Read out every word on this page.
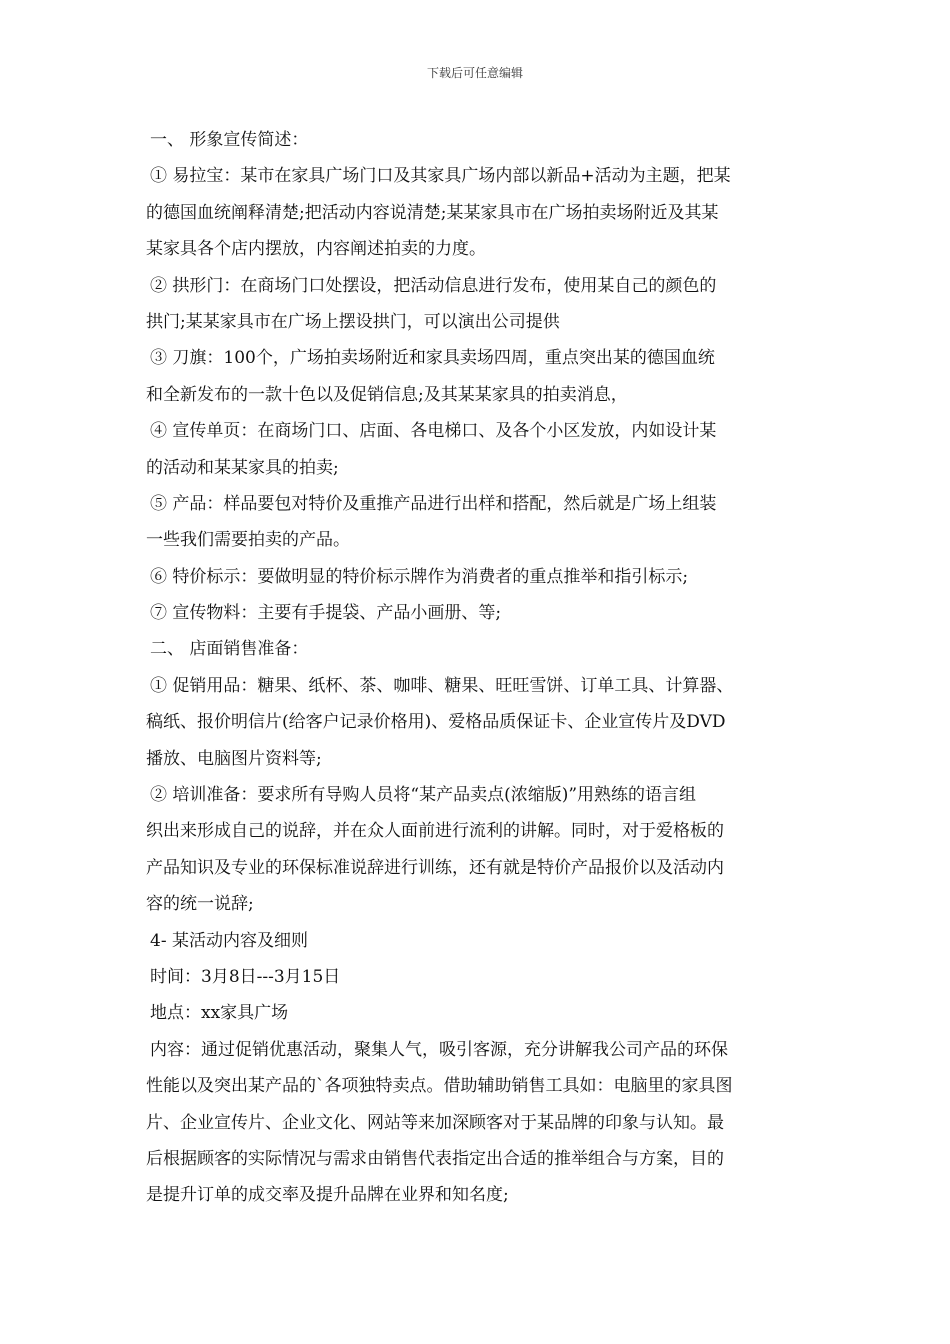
下载后可任意编辑
一、 形象宣传简述：
① 易拉宝：某市在家具广场门口及其家具广场内部以新品+活动为主题，把某
的德国血统阐释清楚;把活动内容说清楚;某某家具市在广场拍卖场附近及其某
某家具各个店内摆放，内容阐述拍卖的力度。
② 拱形门：在商场门口处摆设，把活动信息进行发布，使用某自己的颜色的
拱门;某某家具市在广场上摆设拱门，可以演出公司提供
③ 刀旗：100个，广场拍卖场附近和家具卖场四周，重点突出某的德国血统
和全新发布的一款十色以及促销信息;及其某某家具的拍卖消息，
④ 宣传单页：在商场门口、店面、各电梯口、及各个小区发放，内如设计某
的活动和某某家具的拍卖;
⑤ 产品：样品要包对特价及重推产品进行出样和搭配，然后就是广场上组装
一些我们需要拍卖的产品。
⑥ 特价标示：要做明显的特价标示牌作为消费者的重点推举和指引标示;
⑦ 宣传物料：主要有手提袋、产品小画册、等;
二、 店面销售准备：
① 促销用品：糖果、纸杯、茶、咖啡、糖果、旺旺雪饼、订单工具、计算器、
稿纸、报价明信片(给客户记录价格用)、爱格品质保证卡、企业宣传片及DVD
播放、电脑图片资料等;
② 培训准备：要求所有导购人员将“某产品卖点(浓缩版)”用熟练的语言组
织出来形成自己的说辞，并在众人面前进行流利的讲解。同时，对于爱格板的
产品知识及专业的环保标准说辞进行训练，还有就是特价产品报价以及活动内
容的统一说辞;
4- 某活动内容及细则
时间：3月8日---3月15日
地点：xx家具广场
内容：通过促销优惠活动，聚集人气，吸引客源，充分讲解我公司产品的环保
性能以及突出某产品的`各项独特卖点。借助辅助销售工具如：电脑里的家具图
片、企业宣传片、企业文化、网站等来加深顾客对于某品牌的印象与认知。最
后根据顾客的实际情况与需求由销售代表指定出合适的推举组合与方案，目的
是提升订单的成交率及提升品牌在业界和知名度;
